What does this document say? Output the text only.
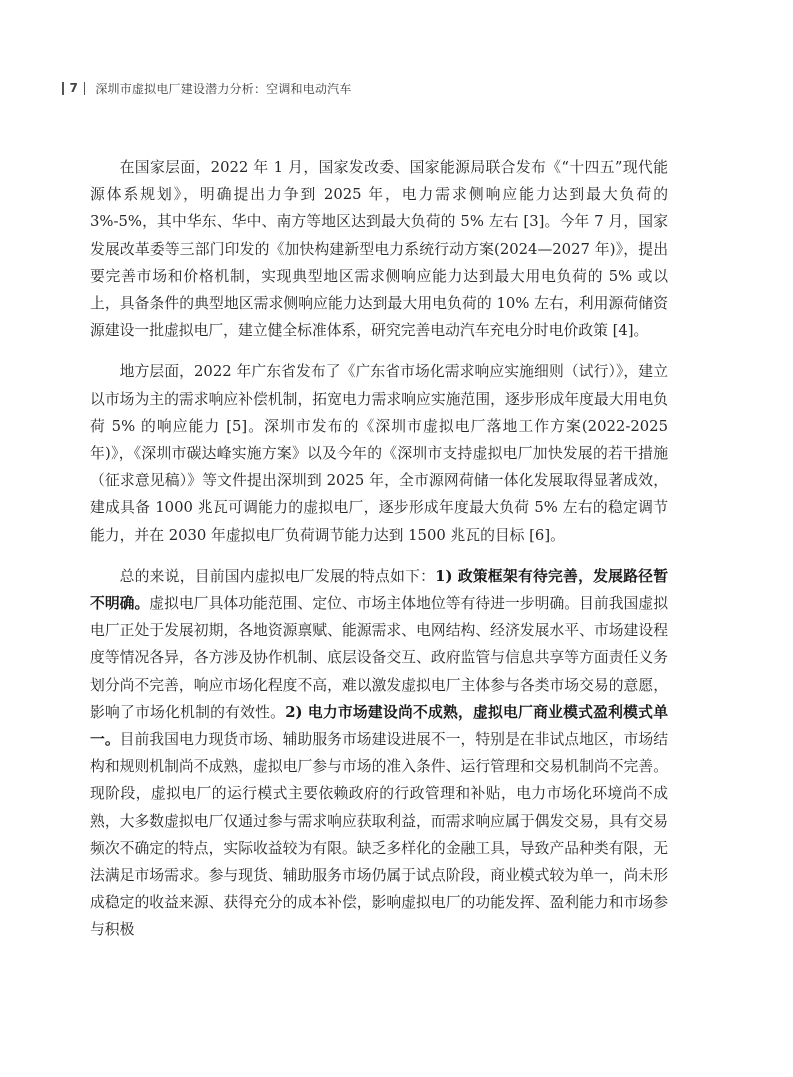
7 深圳市虚拟电厂建设潜力分析：空调和电动汽车

在国家层面，2022 年 1 月，国家发改委、国家能源局联合发布《“十四五”现代能源体系规划》，明确提出力争到 2025 年，电力需求侧响应能力达到最大负荷的 3%-5%，其中华东、华中、南方等地区达到最大负荷的 5% 左右 [3]。今年 7 月，国家发展改革委等三部门印发的《加快构建新型电力系统行动方案(2024—2027 年)》，提出要完善市场和价格机制，实现典型地区需求侧响应能力达到最大用电负荷的 5% 或以上，具备条件的典型地区需求侧响应能力达到最大用电负荷的 10% 左右，利用源荷储资源建设一批虚拟电厂，建立健全标准体系，研究完善电动汽车充电分时电价政策 [4]。

地方层面，2022 年广东省发布了《广东省市场化需求响应实施细则（试行）》，建立以市场为主的需求响应补偿机制，拓宽电力需求响应实施范围，逐步形成年度最大用电负荷 5% 的响应能力 [5]。深圳市发布的《深圳市虚拟电厂落地工作方案(2022-2025 年)》，《深圳市碳达峰实施方案》以及今年的《深圳市支持虚拟电厂加快发展的若干措施（征求意见稿）》等文件提出深圳到 2025 年，全市源网荷储一体化发展取得显著成效，建成具备 1000 兆瓦可调能力的虚拟电厂，逐步形成年度最大负荷 5% 左右的稳定调节能力，并在 2030 年虚拟电厂负荷调节能力达到 1500 兆瓦的目标 [6]。

总的来说，目前国内虚拟电厂发展的特点如下：1) 政策框架有待完善，发展路径暂不明确。虚拟电厂具体功能范围、定位、市场主体地位等有待进一步明确。目前我国虚拟电厂正处于发展初期，各地资源禀赋、能源需求、电网结构、经济发展水平、市场建设程度等情况各异，各方涉及协作机制、底层设备交互、政府监管与信息共享等方面责任义务划分尚不完善，响应市场化程度不高，难以激发虚拟电厂主体参与各类市场交易的意愿，影响了市场化机制的有效性。2) 电力市场建设尚不成熟，虚拟电厂商业模式盈利模式单一。目前我国电力现货市场、辅助服务市场建设进展不一，特别是在非试点地区，市场结构和规则机制尚不成熟，虚拟电厂参与市场的准入条件、运行管理和交易机制尚不完善。现阶段，虚拟电厂的运行模式主要依赖政府的行政管理和补贴，电力市场化环境尚不成熟，大多数虚拟电厂仅通过参与需求响应获取利益，而需求响应属于偶发交易，具有交易频次不确定的特点，实际收益较为有限。缺乏多样化的金融工具，导致产品种类有限，无法满足市场需求。参与现货、辅助服务市场仍属于试点阶段，商业模式较为单一，尚未形成稳定的收益来源、获得充分的成本补偿，影响虚拟电厂的功能发挥、盈利能力和市场参与积极
